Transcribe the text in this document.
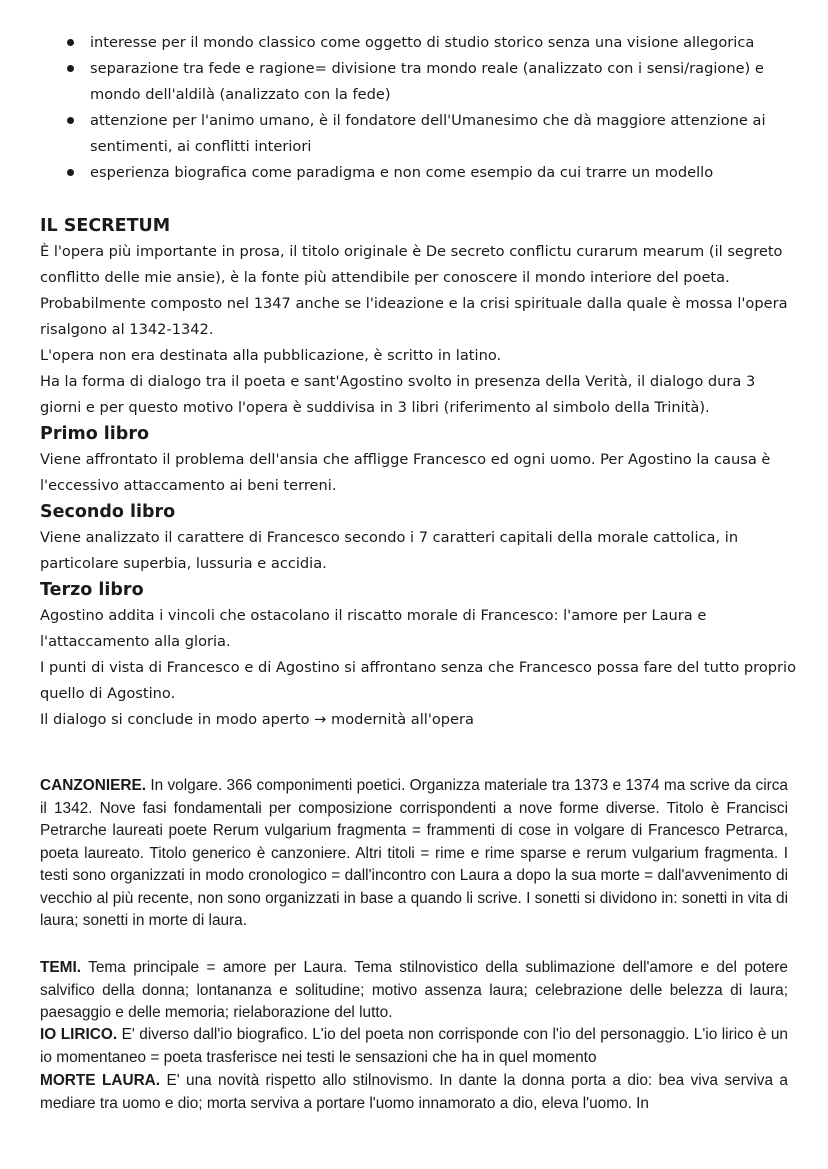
interesse per il mondo classico come oggetto di studio storico senza una visione allegorica
separazione tra fede e ragione= divisione tra mondo reale (analizzato con i sensi/ragione) e mondo dell'aldilà (analizzato con la fede)
attenzione per l'animo umano, è il fondatore dell'Umanesimo che dà maggiore attenzione ai sentimenti, ai conflitti interiori
esperienza biografica come paradigma e non come esempio da cui trarre un modello
IL SECRETUM

È l'opera più importante in prosa, il titolo originale è De secreto conflictu curarum mearum (il segreto conflitto delle mie ansie), è la fonte più attendibile per conoscere il mondo interiore del poeta.

Probabilmente composto nel 1347 anche se l'ideazione e la crisi spirituale dalla quale è mossa l'opera risalgono al 1342-1342.

L'opera non era destinata alla pubblicazione, è scritto in latino.

Ha la forma di dialogo tra il poeta e sant'Agostino svolto in presenza della Verità, il dialogo dura 3 giorni e per questo motivo l'opera è suddivisa in 3 libri (riferimento al simbolo della Trinità).

Primo libro

Viene affrontato il problema dell'ansia che affligge Francesco ed ogni uomo. Per Agostino la causa è l'eccessivo attaccamento ai beni terreni.

Secondo libro

Viene analizzato il carattere di Francesco secondo i 7 caratteri capitali della morale cattolica, in particolare superbia, lussuria e accidia.

Terzo libro

Agostino addita i vincoli che ostacolano il riscatto morale di Francesco: l'amore per Laura e l'attaccamento alla gloria.

I punti di vista di Francesco e di Agostino si affrontano senza che Francesco possa fare del tutto proprio quello di Agostino.

Il dialogo si conclude in modo aperto → modernità all'opera

CANZONIERE. In volgare. 366 componimenti poetici. Organizza materiale tra 1373 e 1374 ma scrive da circa il 1342. Nove fasi fondamentali per composizione corrispondenti a nove forme diverse. Titolo è Francisci Petrarche laureati poete Rerum vulgarium fragmenta = frammenti di cose in volgare di Francesco Petrarca, poeta laureato. Titolo generico è canzoniere. Altri titoli = rime e rime sparse e rerum vulgarium fragmenta. I testi sono organizzati in modo cronologico = dall'incontro con Laura a dopo la sua morte = dall'avvenimento di vecchio al più recente, non sono organizzati in base a quando li scrive. I sonetti si dividono in: sonetti in vita di laura; sonetti in morte di laura.

TEMI. Tema principale = amore per Laura. Tema stilnovistico della sublimazione dell'amore e del potere salvifico della donna; lontananza e solitudine; motivo assenza laura; celebrazione delle belezza di laura; paesaggio e delle memoria; rielaborazione del lutto.

IO LIRICO. E' diverso dall'io biografico. L'io del poeta non corrisponde con l'io del personaggio. L'io lirico è un io momentaneo = poeta trasferisce nei testi le sensazioni che ha in quel momento

MORTE LAURA. E' una novità rispetto allo stilnovismo. In dante la donna porta a dio: bea viva serviva a mediare tra uomo e dio; morta serviva a portare l'uomo innamorato a dio, eleva l'uomo. In
